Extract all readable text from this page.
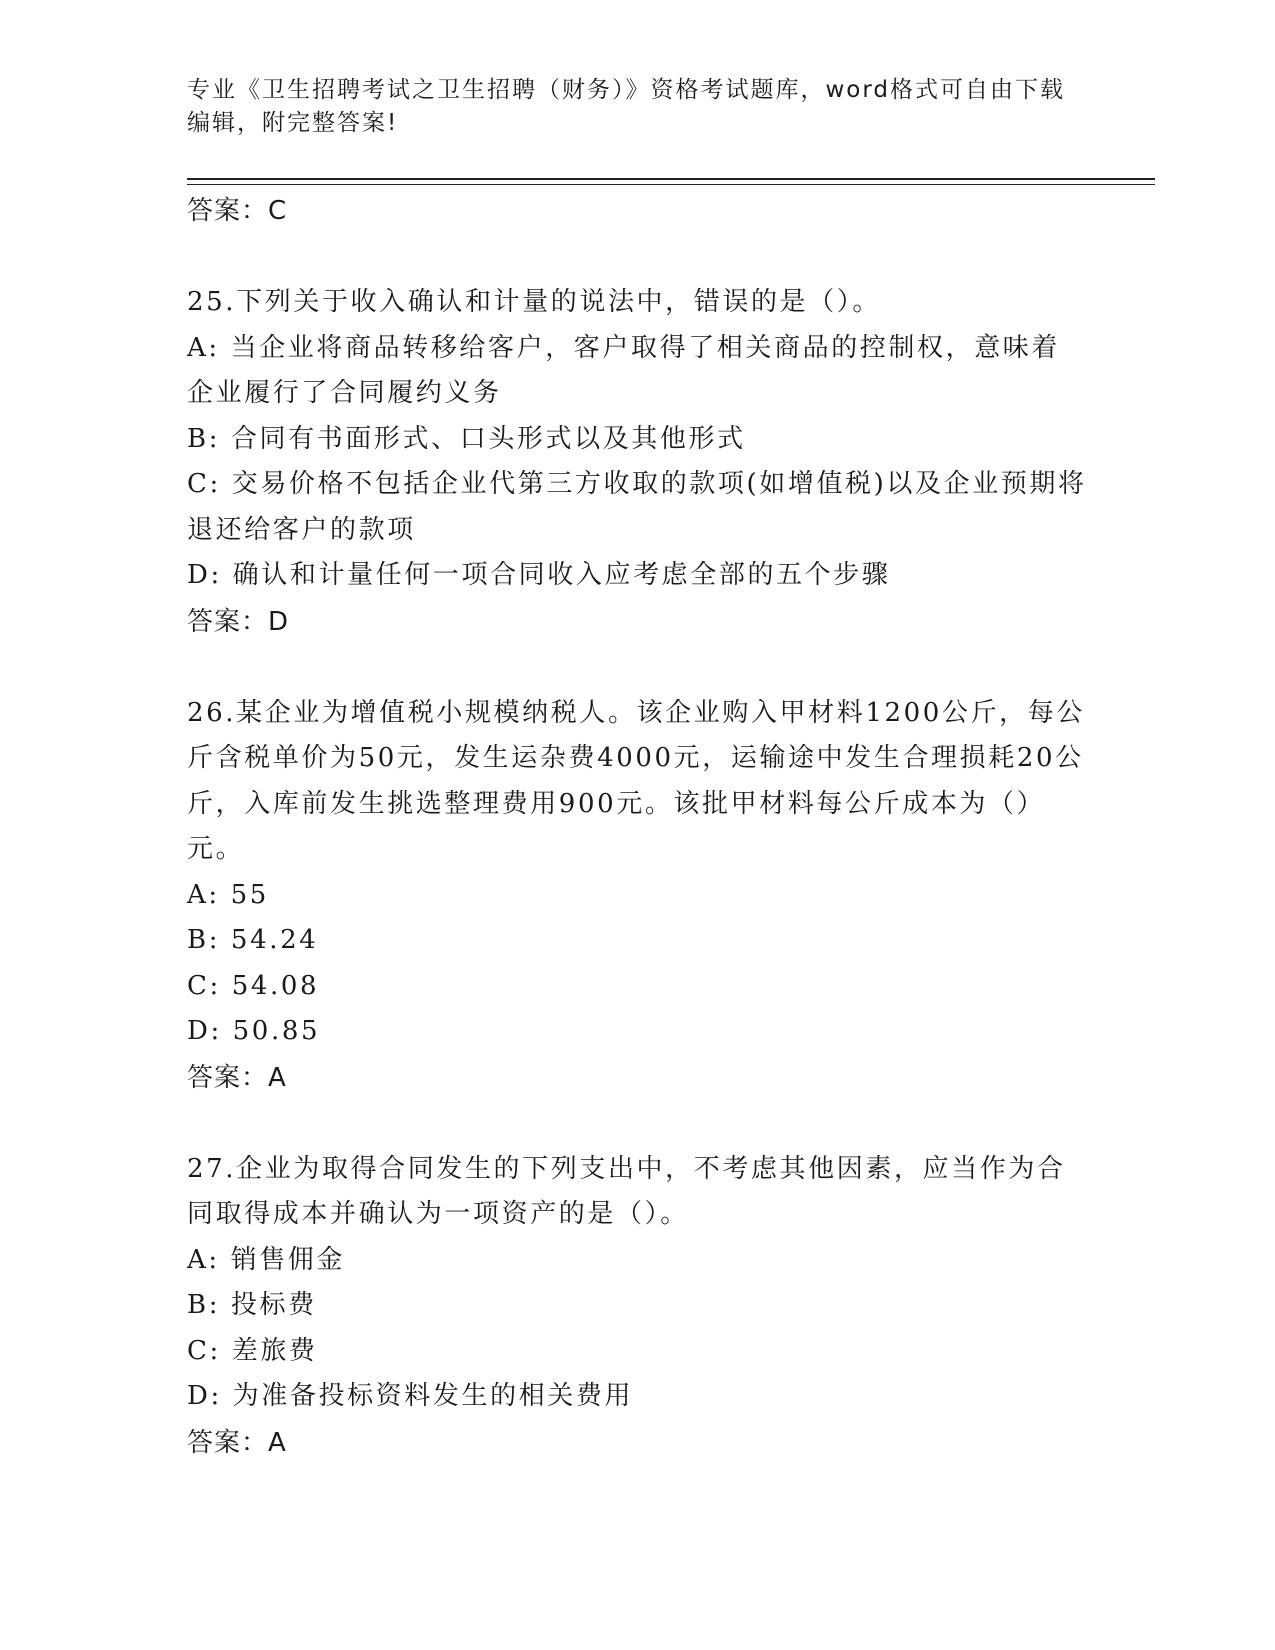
专业《卫生招聘考试之卫生招聘（财务）》资格考试题库，word格式可自由下载编辑，附完整答案!
答案：C
25.下列关于收入确认和计量的说法中，错误的是（）。
A: 当企业将商品转移给客户，客户取得了相关商品的控制权，意味着企业履行了合同履约义务
B: 合同有书面形式、口头形式以及其他形式
C: 交易价格不包括企业代第三方收取的款项(如增值税)以及企业预期将退还给客户的款项
D: 确认和计量任何一项合同收入应考虑全部的五个步骤
答案：D
26.某企业为增值税小规模纳税人。该企业购入甲材料1200公斤，每公斤含税单价为50元，发生运杂费4000元，运输途中发生合理损耗20公斤，入库前发生挑选整理费用900元。该批甲材料每公斤成本为（）元。
A: 55
B: 54.24
C: 54.08
D: 50.85
答案：A
27.企业为取得合同发生的下列支出中，不考虑其他因素，应当作为合同取得成本并确认为一项资产的是（）。
A: 销售佣金
B: 投标费
C: 差旅费
D: 为准备投标资料发生的相关费用
答案：A
